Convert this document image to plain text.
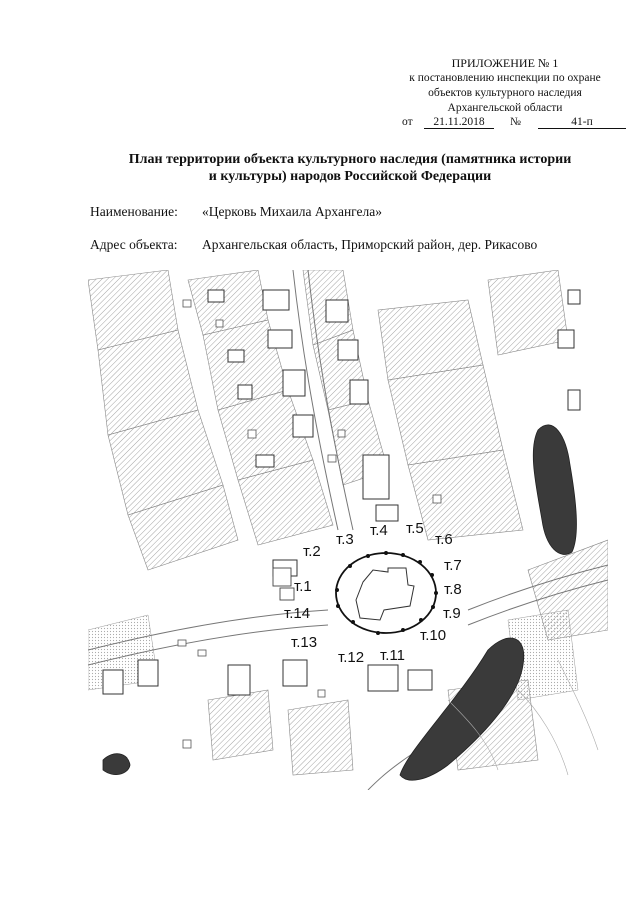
ПРИЛОЖЕНИЕ № 1
к постановлению инспекции по охране
объектов культурного наследия
Архангельской области
от	21.11.2018	№	41-п
План территории объекта культурного наследия (памятника истории
и культуры) народов Российской Федерации
Наименование: «Церковь Михаила Архангела»
Адрес объекта: Архангельская область, Приморский район, дер. Рикасово
т.1
т.2
т.3
т.4 т.5
т.6
т.7
т.8
т.9
т.10
т.11
т.12
т.13
т.14
